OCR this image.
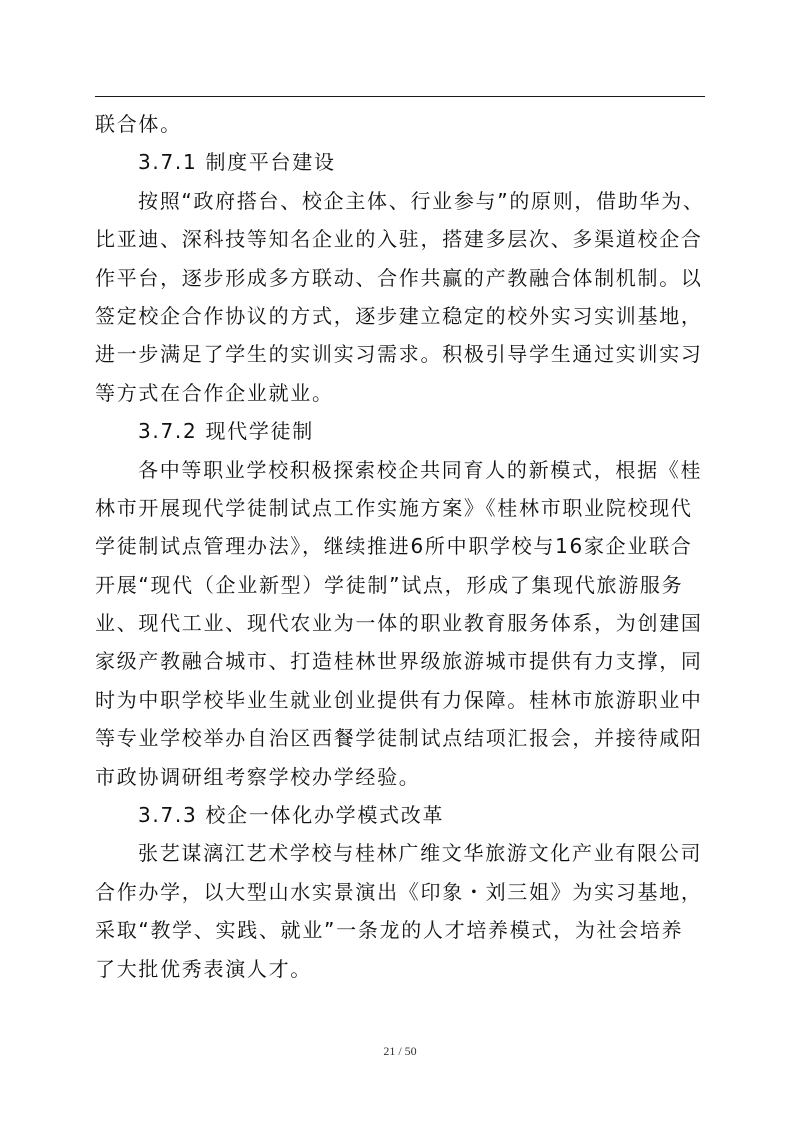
联合体。
3.7.1 制度平台建设
按照“政府搭台、校企主体、行业参与”的原则，借助华为、
比亚迪、深科技等知名企业的入驻，搭建多层次、多渠道校企合
作平台，逐步形成多方联动、合作共赢的产教融合体制机制。以
签定校企合作协议的方式，逐步建立稳定的校外实习实训基地，
进一步满足了学生的实训实习需求。积极引导学生通过实训实习
等方式在合作企业就业。
3.7.2 现代学徒制
各中等职业学校积极探索校企共同育人的新模式，根据《桂
林市开展现代学徒制试点工作实施方案》《桂林市职业院校现代
学徒制试点管理办法》，继续推进6所中职学校与16家企业联合
开展“现代（企业新型）学徒制”试点，形成了集现代旅游服务
业、现代工业、现代农业为一体的职业教育服务体系，为创建国
家级产教融合城市、打造桂林世界级旅游城市提供有力支撑，同
时为中职学校毕业生就业创业提供有力保障。桂林市旅游职业中
等专业学校举办自治区西餐学徒制试点结项汇报会，并接待咸阳
市政协调研组考察学校办学经验。
3.7.3 校企一体化办学模式改革
张艺谋漓江艺术学校与桂林广维文华旅游文化产业有限公司
合作办学，以大型山水实景演出《印象・刘三姐》为实习基地，
采取“教学、实践、就业”一条龙的人才培养模式，为社会培养
了大批优秀表演人才。
21 / 50
